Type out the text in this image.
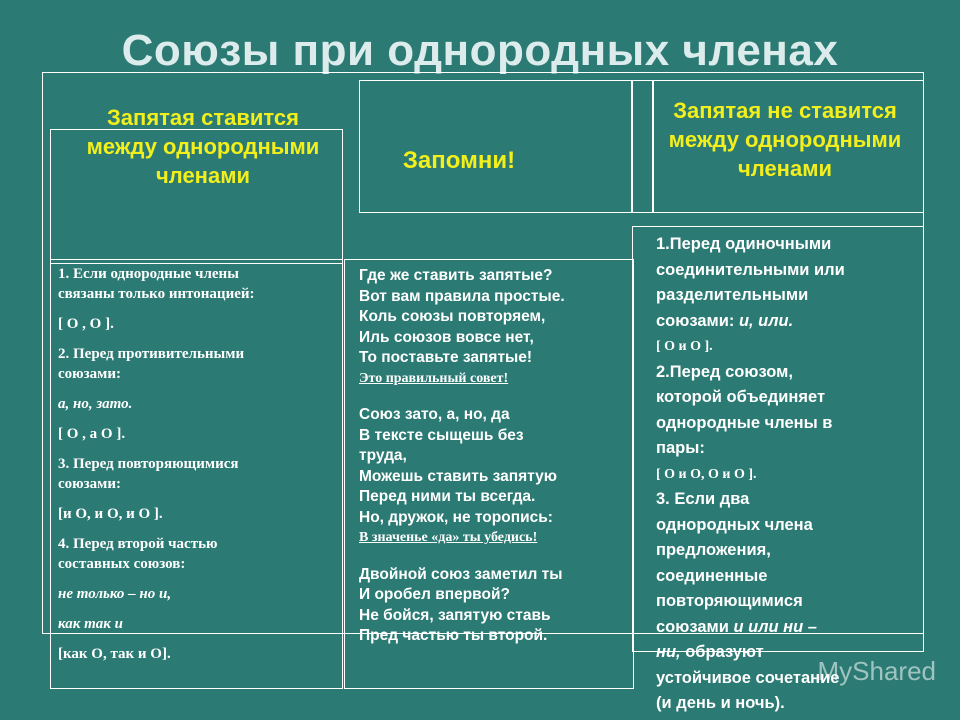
Союзы при однородных членах
Запятая ставится между однородными членами
Запомни!
Запятая не ставится между однородными членами
1. Если однородные члены
связаны только интонацией:
[ О , О ].
2. Перед противительными
союзами:
а, но, зато.
[ О , а О ].
3. Перед повторяющимися
союзами:
[и О, и О, и О ].
4. Перед второй частью
составных союзов:
не только – но и,
как так и
[как О, так и О].
Где же ставить запятые?
Вот вам правила простые.
Коль союзы повторяем,
Иль союзов вовсе нет,
То поставьте запятые!
Это правильный совет!
Союз зато, а, но, да
В тексте сыщешь без
труда,
Можешь ставить запятую
Перед ними ты всегда.
Но, дружок, не торопись:
В значенье «да» ты убедись!
Двойной союз заметил ты
И оробел впервой?
Не бойся, запятую ставь
Пред частью ты второй.
1.Перед одиночными
соединительными или
разделительными
союзами: и, или.
[ О и О ].
2.Перед союзом,
которой объединяет
однородные члены в
пары:
[ О и О, О и О ].
3. Если два
однородных члена
предложения,
соединенные
повторяющимися
союзами и или ни –
ни, образуют
устойчивое сочетание
(и день и ночь).
MyShared
